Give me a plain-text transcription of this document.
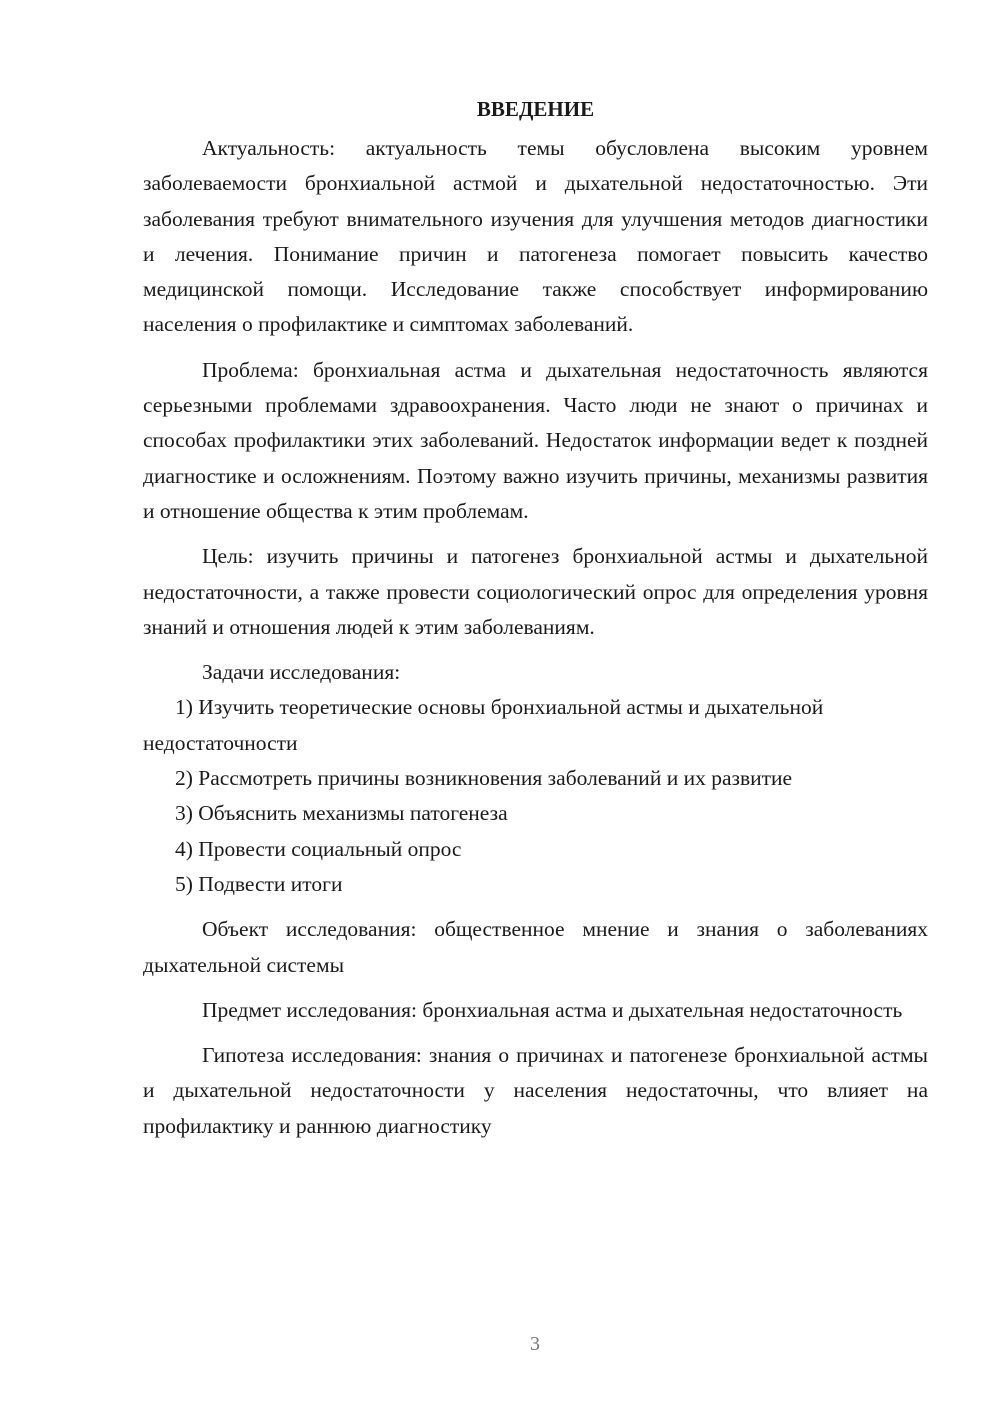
ВВЕДЕНИЕ

Актуальность: актуальность темы обусловлена высоким уровнем заболеваемости бронхиальной астмой и дыхательной недостаточностью. Эти заболевания требуют внимательного изучения для улучшения методов диагностики и лечения. Понимание причин и патогенеза помогает повысить качество медицинской помощи. Исследование также способствует информированию населения о профилактике и симптомах заболеваний.

Проблема: бронхиальная астма и дыхательная недостаточность являются серьезными проблемами здравоохранения. Часто люди не знают о причинах и способах профилактики этих заболеваний. Недостаток информации ведет к поздней диагностике и осложнениям. Поэтому важно изучить причины, механизмы развития и отношение общества к этим проблемам.

Цель: изучить причины и патогенез бронхиальной астмы и дыхательной недостаточности, а также провести социологический опрос для определения уровня знаний и отношения людей к этим заболеваниям.

Задачи исследования:

1) Изучить теоретические основы бронхиальной астмы и дыхательной недостаточности
2) Рассмотреть причины возникновения заболеваний и их развитие
3) Объяснить механизмы патогенеза
4) Провести социальный опрос
5) Подвести итоги

Объект исследования: общественное мнение и знания о заболеваниях дыхательной системы

Предмет исследования: бронхиальная астма и дыхательная недостаточность

Гипотеза исследования: знания о причинах и патогенезе бронхиальной астмы и дыхательной недостаточности у населения недостаточны, что влияет на профилактику и раннюю диагностику

3
